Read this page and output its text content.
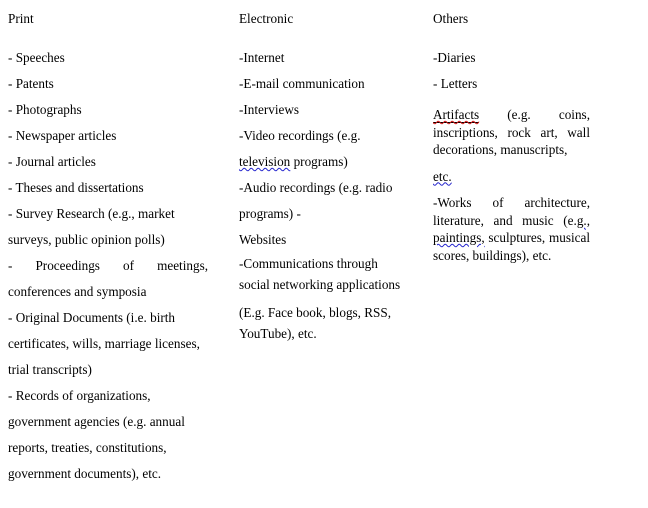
Print

- Speeches

- Patents

- Photographs

- Newspaper articles

- Journal articles

- Theses and dissertations

- Survey Research (e.g., market surveys, public opinion polls)

- Proceedings of meetings, conferences and symposia

- Original Documents (i.e. birth certificates, wills, marriage licenses, trial transcripts)

- Records of organizations, government agencies (e.g. annual reports, treaties, constitutions, government documents), etc.

Electronic

-Internet

-E-mail communication

-Interviews

-Video recordings (e.g. television programs)

-Audio recordings (e.g. radio programs) -

Websites

-Communications through social networking applications

(E.g. Face book, blogs, RSS, YouTube), etc.

Others

-Diaries

- Letters

Artifacts (e.g. coins, inscriptions, rock art, wall decorations, manuscripts,

etc.

-Works of architecture, literature, and music (e.g., paintings, sculptures, musical scores, buildings), etc.
